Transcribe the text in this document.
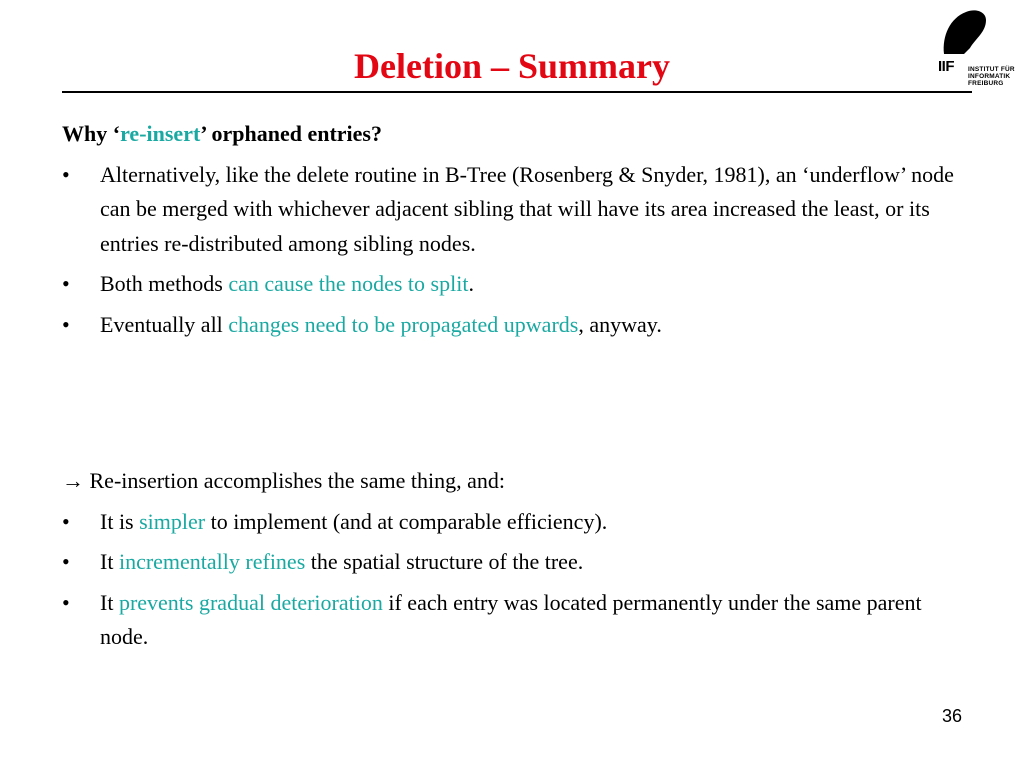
Deletion – Summary	IIF INSTITUT FÜR
INFORMATIK
FREIBURG
Why ‘re-insert’ orphaned entries?
• Alternatively, like the delete routine in B-Tree (Rosenberg & Snyder, 1981), an ‘underflow’ node can be merged with whichever adjacent sibling that will have its area increased the least, or its entries re-distributed among sibling nodes.
• Both methods can cause the nodes to split.
• Eventually all changes need to be propagated upwards, anyway.
→ Re-insertion accomplishes the same thing, and:
• It is simpler to implement (and at comparable efficiency).
• It incrementally refines the spatial structure of the tree.
• It prevents gradual deterioration if each entry was located permanently under the same parent node.
36
